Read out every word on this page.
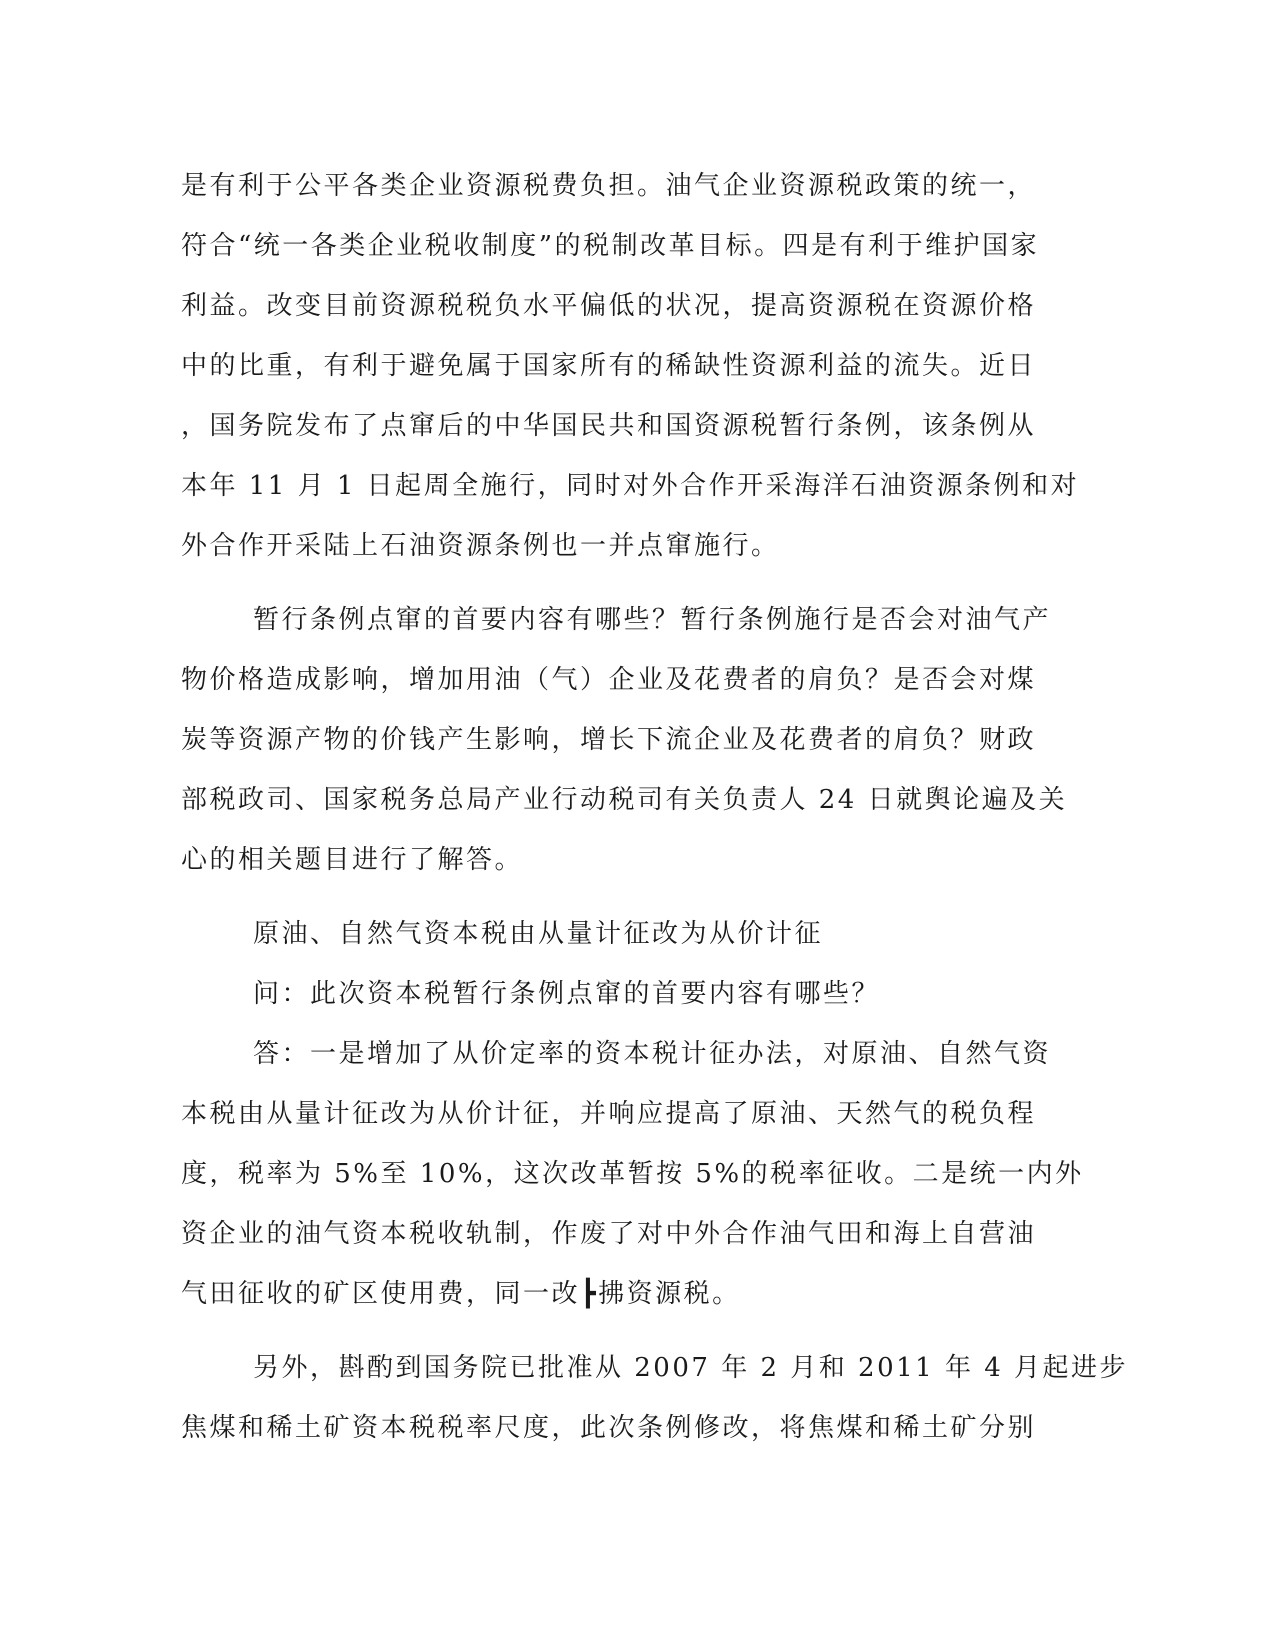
是有利于公平各类企业资源税费负担。油气企业资源税政策的统一，
符合“统一各类企业税收制度”的税制改革目标。四是有利于维护国家
利益。改变目前资源税税负水平偏低的状况，提高资源税在资源价格
中的比重，有利于避免属于国家所有的稀缺性资源利益的流失。近日
，国务院发布了点窜后的中华国民共和国资源税暂行条例，该条例从
本年 11 月 1 日起周全施行，同时对外合作开采海洋石油资源条例和对
外合作开采陆上石油资源条例也一并点窜施行。
暂行条例点窜的首要内容有哪些？暂行条例施行是否会对油气产
物价格造成影响，增加用油（气）企业及花费者的肩负？是否会对煤
炭等资源产物的价钱产生影响，增长下流企业及花费者的肩负？财政
部税政司、国家税务总局产业行动税司有关负责人 24 日就舆论遍及关
心的相关题目进行了解答。
原油、自然气资本税由从量计征改为从价计征
问：此次资本税暂行条例点窜的首要内容有哪些？
答：一是增加了从价定率的资本税计征办法，对原油、自然气资
本税由从量计征改为从价计征，并响应提高了原油、天然气的税负程
度，税率为 5%至 10%，这次改革暂按 5%的税率征收。二是统一内外
资企业的油气资本税收轨制，作废了对中外合作油气田和海上自营油
气田征收的矿区使用费，同一改┣拂资源税。
另外，斟酌到国务院已批准从 2007 年 2 月和 2011 年 4 月起进步
焦煤和稀土矿资本税税率尺度，此次条例修改，将焦煤和稀土矿分别
